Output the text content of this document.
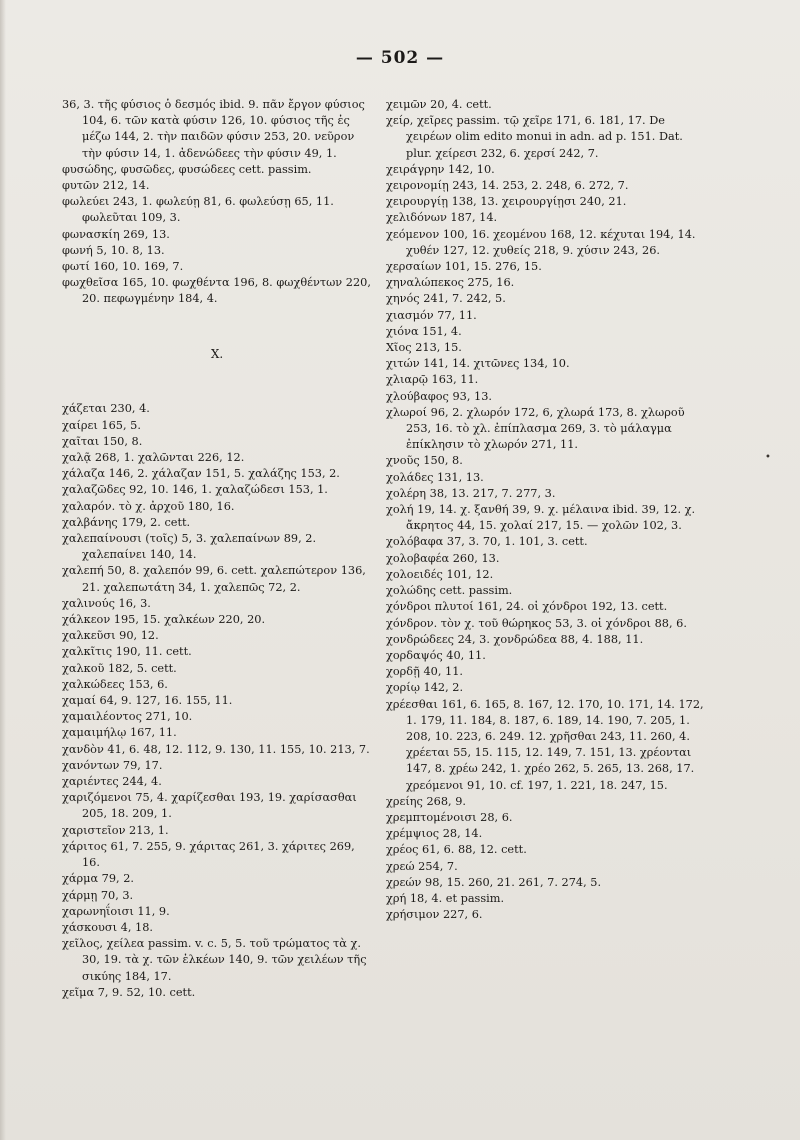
— 502 —

36, 3. τῆς φύσιος ὁ δεσμός ibid. 9. πᾶν ἔργον φύσιος 104, 6. τῶν κατὰ φύσιν 126, 10. φύσιος τῆς ἐς μέζω 144, 2. τὴν παιδῶν φύσιν 253, 20. νεῦρον τὴν φύσιν 14, 1. ἀδενώδεες τὴν φύσιν 49, 1.

φυσώδης, φυσῶδες, φυσώδεες cett. passim.

φυτῶν 212, 14.

φωλεύει 243, 1. φωλεύῃ 81, 6. φωλεύσῃ 65, 11. φωλεῦται 109, 3.

φωνασκίη 269, 13.

φωνή 5, 10. 8, 13.

φωτί 160, 10. 169, 7.

φωχθεῖσα 165, 10. φωχθέντα 196, 8. φωχθέντων 220, 20. πεφωγμένην 184, 4.

X.

χάζεται 230, 4.

χαίρει 165, 5.

χαῖται 150, 8.

χαλᾷ 268, 1. χαλῶνται 226, 12.

χάλαζα 146, 2. χάλαζαν 151, 5. χαλάζης 153, 2.

χαλαζῶδες 92, 10. 146, 1. χαλαζώδεσι 153, 1.

χαλαρόν. τὸ χ. ἀρχοῦ 180, 16.

χαλβάνης 179, 2. cett.

χαλεπαίνουσι (τοῖς) 5, 3. χαλεπαίνων 89, 2. χαλεπαίνει 140, 14.

χαλεπή 50, 8. χαλεπόν 99, 6. cett. χαλεπώτερον 136, 21. χαλεπωτάτη 34, 1. χαλεπῶς 72, 2.

χαλινούς 16, 3.

χάλκεον 195, 15. χαλκέων 220, 20.

χαλκεῦσι 90, 12.

χαλκῖτις 190, 11. cett.

χαλκοῦ 182, 5. cett.

χαλκώδεες 153, 6.

χαμαί 64, 9. 127, 16. 155, 11.

χαμαιλέοντος 271, 10.

χαμαιμήλῳ 167, 11.

χανδὸν 41, 6. 48, 12. 112, 9. 130, 11. 155, 10. 213, 7.

χανόντων 79, 17.

χαριέντες 244, 4.

χαριζόμενοι 75, 4. χαρίζεσθαι 193, 19. χαρίσασθαι 205, 18. 209, 1.

χαριστεῖον 213, 1.

χάριτος 61, 7. 255, 9. χάριτας 261, 3. χάριτες 269, 16.

χάρμα 79, 2.

χάρμῃ 70, 3.

χαρωνηΐοισι 11, 9.

χάσκουσι 4, 18.

χεῖλος, χείλεα passim. v. c. 5, 5. τοῦ τρώματος τὰ χ. 30, 19. τὰ χ. τῶν ἑλκέων 140, 9. τῶν χειλέων τῆς σικύης 184, 17.

χεῖμα 7, 9. 52, 10. cett.

χειμῶν 20, 4. cett.

χείρ, χεῖρες passim. τῷ χεῖρε 171, 6. 181, 17. De χειρέων olim edito monui in adn. ad p. 151. Dat. plur. χείρεσι 232, 6. χερσί 242, 7.

χειράγρην 142, 10.

χειρονομίῃ 243, 14. 253, 2. 248, 6. 272, 7.

χειρουργίῃ 138, 13. χειρουργίῃσι 240, 21.

χελιδόνων 187, 14.

χεόμενον 100, 16. χεομένου 168, 12. κέχυται 194, 14. χυθέν 127, 12. χυθείς 218, 9. χύσιν 243, 26.

χερσαίων 101, 15. 276, 15.

χηναλώπεκος 275, 16.

χηνός 241, 7. 242, 5.

χιασμόν 77, 11.

χιόνα 151, 4.

Χῖος 213, 15.

χιτών 141, 14. χιτῶνες 134, 10.

χλιαρῷ 163, 11.

χλούβαφος 93, 13.

χλωροί 96, 2. χλωρόν 172, 6, χλωρά 173, 8. χλωροῦ 253, 16. τὸ χλ. ἐπίπλασμα 269, 3. τὸ μάλαγμα ἐπίκλησιν τὸ χλωρόν 271, 11.

χνοῦς 150, 8.

χολάδες 131, 13.

χολέρη 38, 13. 217, 7. 277, 3.

χολή 19, 14. χ. ξανθή 39, 9. χ. μέλαινα ibid. 39, 12. χ. ἄκρητος 44, 15. χολαί 217, 15. — χολῶν 102, 3.

χολόβαφα 37, 3. 70, 1. 101, 3. cett.

χολοβαφέα 260, 13.

χολοειδές 101, 12.

χολώδης cett. passim.

χόνδροι πλυτοί 161, 24. οἱ χόνδροι 192, 13. cett.

χόνδρον. τὸν χ. τοῦ θώρηκος 53, 3. οἱ χόνδροι 88, 6.

χονδρώδεες 24, 3. χονδρώδεα 88, 4. 188, 11.

χορδαψός 40, 11.

χορδῇ 40, 11.

χορίῳ 142, 2.

χρέεσθαι 161, 6. 165, 8. 167, 12. 170, 10. 171, 14. 172, 1. 179, 11. 184, 8. 187, 6. 189, 14. 190, 7. 205, 1. 208, 10. 223, 6. 249. 12. χρῆσθαι 243, 11. 260, 4. χρέεται 55, 15. 115, 12. 149, 7. 151, 13. χρέονται 147, 8. χρέω 242, 1. χρέο 262, 5. 265, 13. 268, 17. χρεόμενοι 91, 10. cf. 197, 1. 221, 18. 247, 15.

χρείης 268, 9.

χρεμπτομένοισι 28, 6.

χρέμψιος 28, 14.

χρέος 61, 6. 88, 12. cett.

χρεώ 254, 7.

χρεών 98, 15. 260, 21. 261, 7. 274, 5.

χρή 18, 4. et passim.

χρήσιμον 227, 6.

•
